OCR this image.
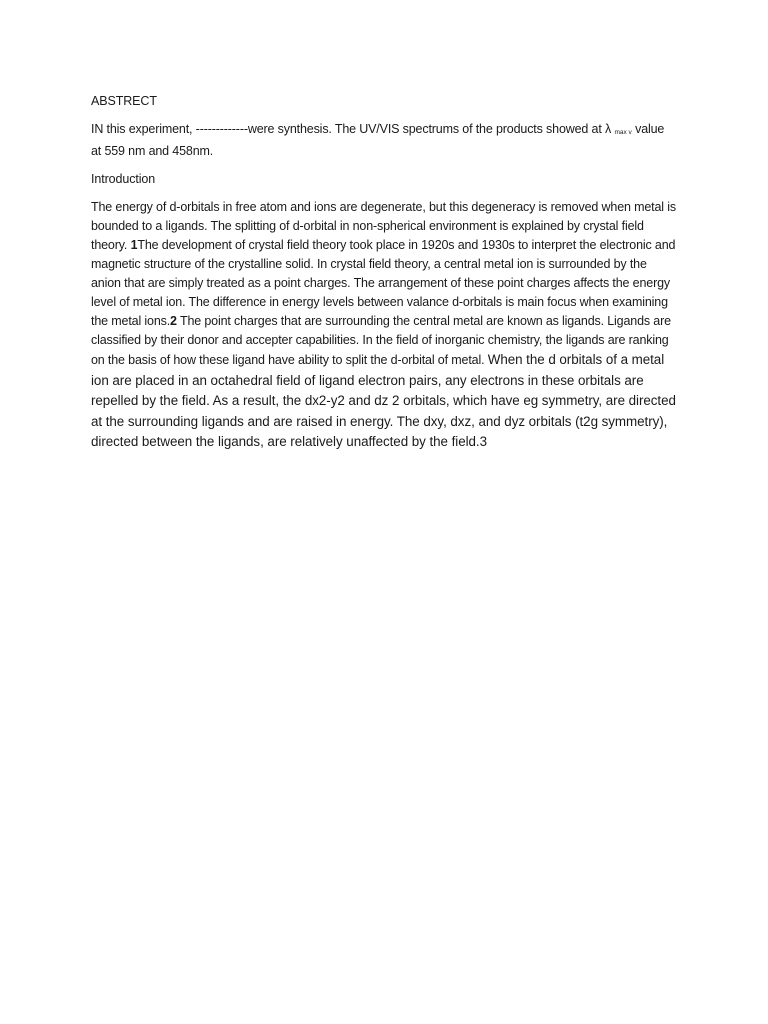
ABSTRECT

IN this experiment, -------------were synthesis. The UV/VIS spectrums of the products showed at λ max v value at 559 nm and 458nm.

Introduction

The energy of d-orbitals in free atom and ions are degenerate, but this degeneracy is removed when metal is bounded to a ligands. The splitting of d-orbital in non-spherical environment is explained by crystal field theory. 1The development of crystal field theory took place in 1920s and 1930s to interpret the electronic and magnetic structure of the crystalline solid. In crystal field theory, a central metal ion is surrounded by the anion that are simply treated as a point charges. The arrangement of these point charges affects the energy level of metal ion. The difference in energy levels between valance d-orbitals is main focus when examining the metal ions.2 The point charges that are surrounding the central metal are known as ligands. Ligands are classified by their donor and accepter capabilities. In the field of inorganic chemistry, the ligands are ranking on the basis of how these ligand have ability to split the d-orbital of metal. When the d orbitals of a metal ion are placed in an octahedral field of ligand electron pairs, any electrons in these orbitals are repelled by the field. As a result, the dx2-y2 and dz 2 orbitals, which have eg symmetry, are directed at the surrounding ligands and are raised in energy. The dxy, dxz, and dyz orbitals (t2g symmetry), directed between the ligands, are relatively unaffected by the field.3
